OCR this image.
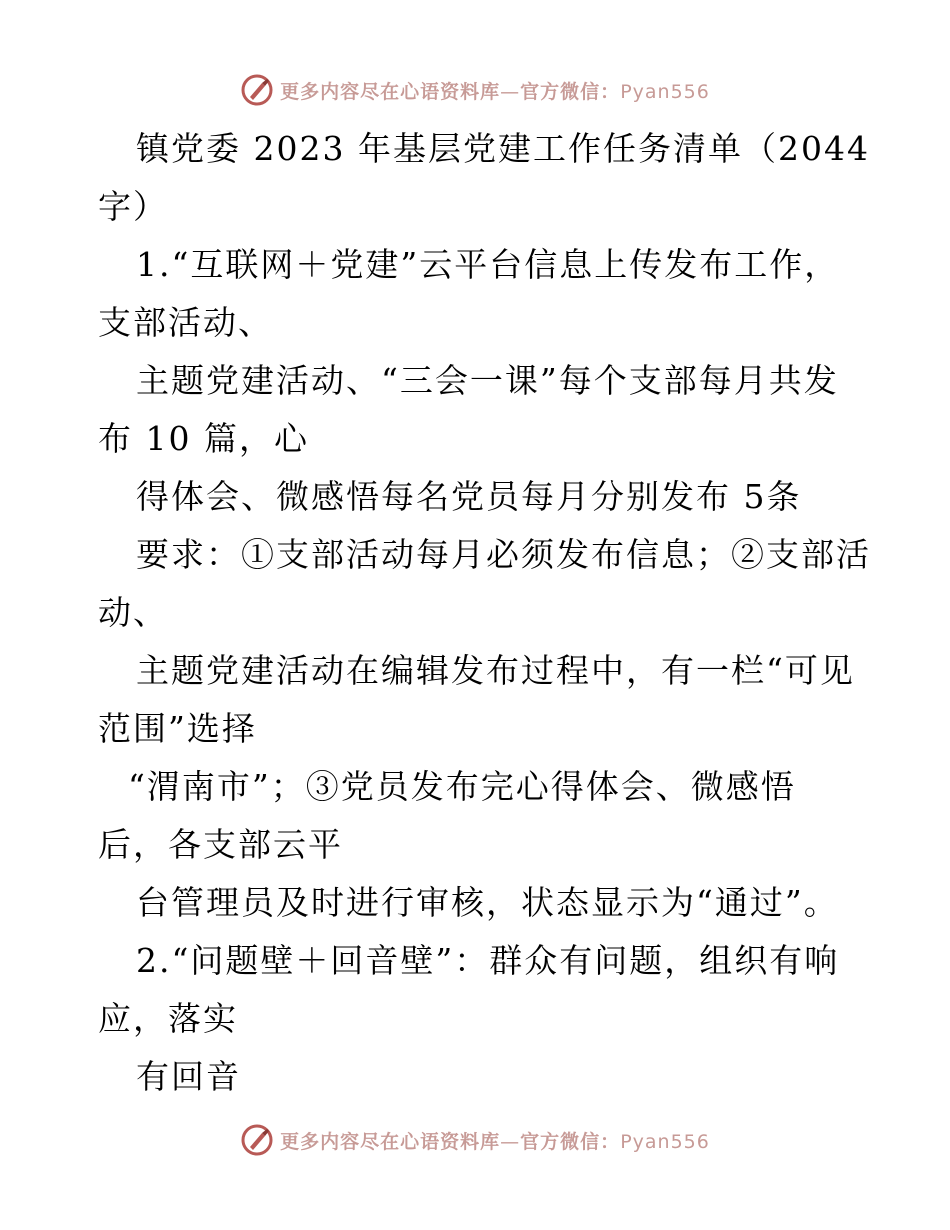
更多内容尽在心语资料库—官方微信：Pyan556
镇党委 2023 年基层党建工作任务清单（2044
字）
1.“互联网＋党建”云平台信息上传发布工作，
支部活动、
主题党建活动、“三会一课”每个支部每月共发
布 10 篇，心
得体会、微感悟每名党员每月分别发布 5条
要求：①支部活动每月必须发布信息；②支部活
动、
主题党建活动在编辑发布过程中，有一栏“可见
范围”选择
“渭南市”；③党员发布完心得体会、微感悟
后，各支部云平
台管理员及时进行审核，状态显示为“通过”。
2.“问题壁＋回音壁”：群众有问题，组织有响
应，落实
有回音
更多内容尽在心语资料库—官方微信：Pyan556
